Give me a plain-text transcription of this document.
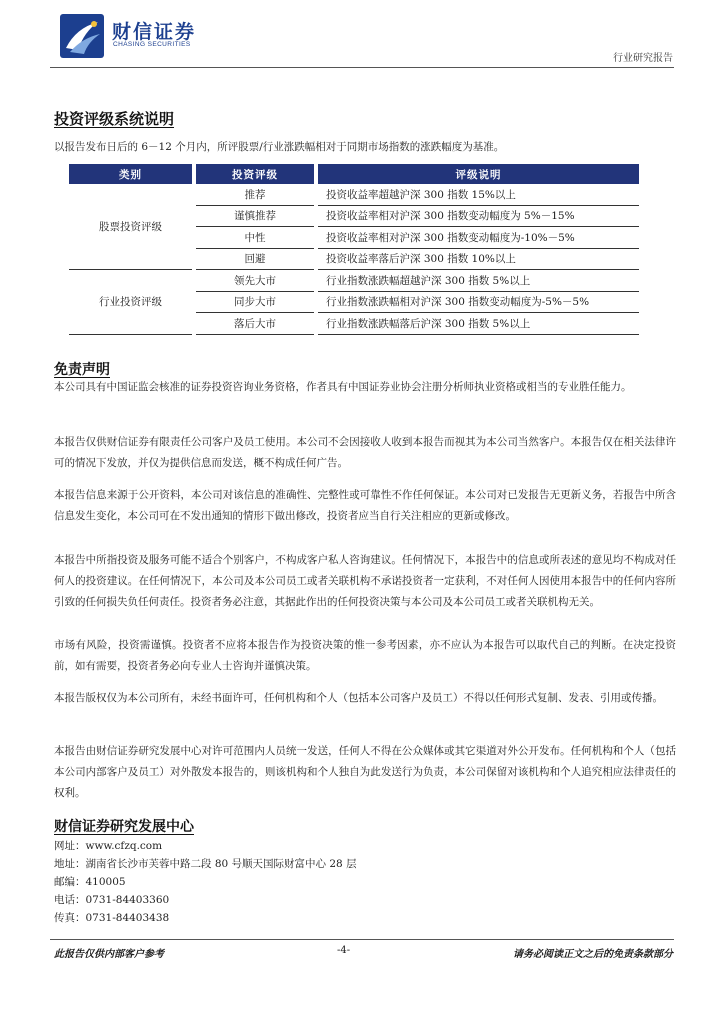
财信证券
CHASING SECURITIES
行业研究报告
投资评级系统说明
以报告发布日后的 6－12 个月内，所评股票/行业涨跌幅相对于同期市场指数的涨跌幅度为基准。
类别		投资评级		评级说明
股票投资评级		推荐		投资收益率超越沪深 300 指数 15%以上
		谨慎推荐		投资收益率相对沪深 300 指数变动幅度为 5%－15%
		中性		投资收益率相对沪深 300 指数变动幅度为-10%－5%
		回避		投资收益率落后沪深 300 指数 10%以上
行业投资评级		领先大市		行业指数涨跌幅超越沪深 300 指数 5%以上
		同步大市		行业指数涨跌幅相对沪深 300 指数变动幅度为-5%－5%
		落后大市		行业指数涨跌幅落后沪深 300 指数 5%以上
免责声明
本公司具有中国证监会核准的证券投资咨询业务资格，作者具有中国证券业协会注册分析师执业资格或相当的专业胜任能力。
本报告仅供财信证券有限责任公司客户及员工使用。本公司不会因接收人收到本报告而视其为本公司当然客户。本报告仅在相关法律许可的情况下发放，并仅为提供信息而发送，概不构成任何广告。
本报告信息来源于公开资料，本公司对该信息的准确性、完整性或可靠性不作任何保证。本公司对已发报告无更新义务，若报告中所含信息发生变化，本公司可在不发出通知的情形下做出修改，投资者应当自行关注相应的更新或修改。
本报告中所指投资及服务可能不适合个别客户，不构成客户私人咨询建议。任何情况下，本报告中的信息或所表述的意见均不构成对任何人的投资建议。在任何情况下，本公司及本公司员工或者关联机构不承诺投资者一定获利，不对任何人因使用本报告中的任何内容所引致的任何损失负任何责任。投资者务必注意，其据此作出的任何投资决策与本公司及本公司员工或者关联机构无关。
市场有风险，投资需谨慎。投资者不应将本报告作为投资决策的惟一参考因素，亦不应认为本报告可以取代自己的判断。在决定投资前，如有需要，投资者务必向专业人士咨询并谨慎决策。
本报告版权仅为本公司所有，未经书面许可，任何机构和个人（包括本公司客户及员工）不得以任何形式复制、发表、引用或传播。
本报告由财信证券研究发展中心对许可范围内人员统一发送，任何人不得在公众媒体或其它渠道对外公开发布。任何机构和个人（包括本公司内部客户及员工）对外散发本报告的，则该机构和个人独自为此发送行为负责，本公司保留对该机构和个人追究相应法律责任的权利。
财信证券研究发展中心
网址：www.cfzq.com
地址：湖南省长沙市芙蓉中路二段 80 号顺天国际财富中心 28 层
邮编：410005
电话：0731-84403360
传真：0731-84403438
此报告仅供内部客户参考	-4-	请务必阅读正文之后的免责条款部分
